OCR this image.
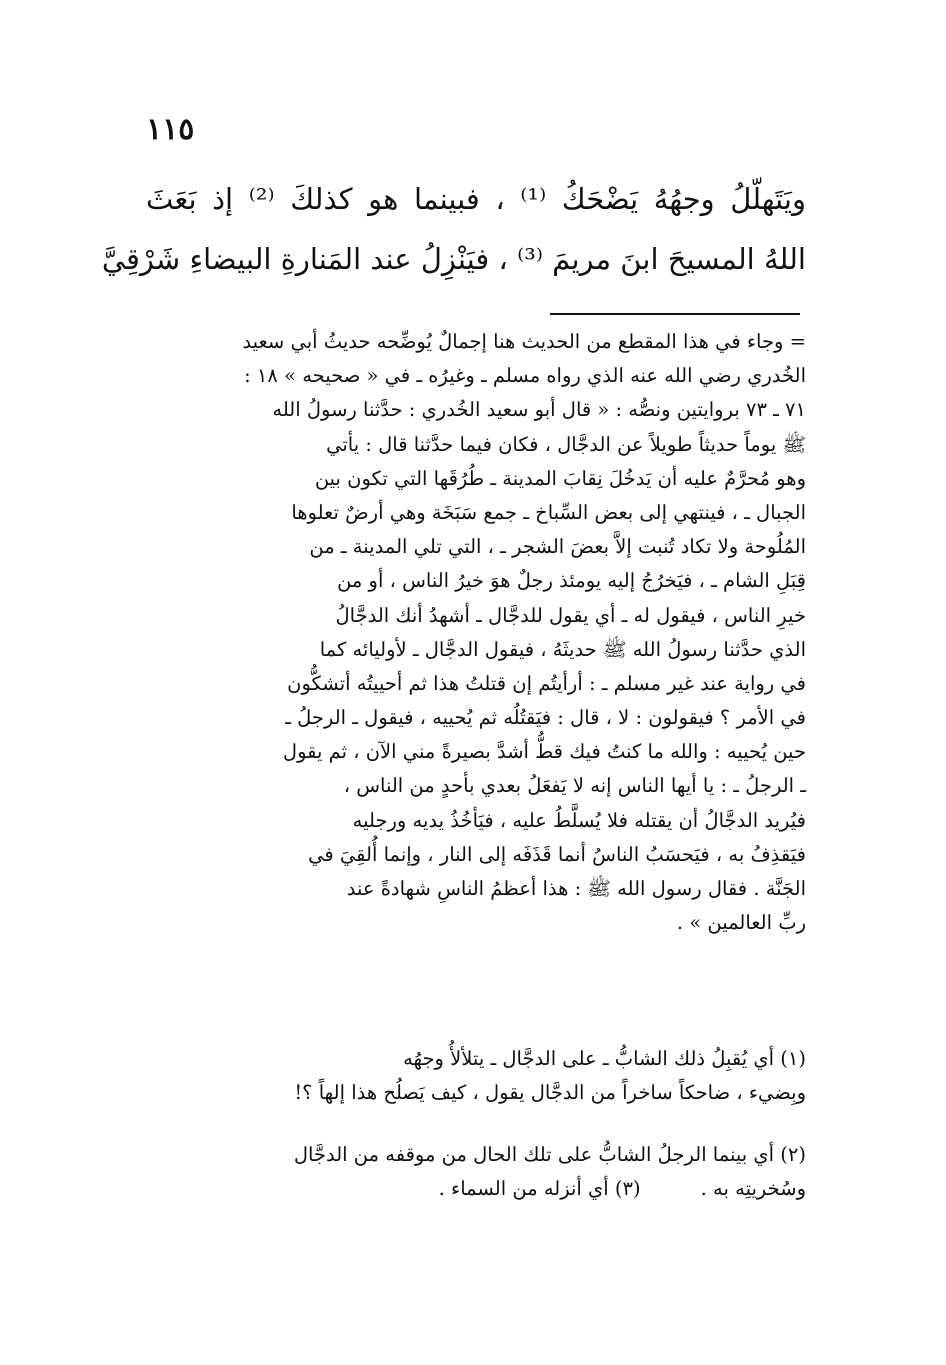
١١٥
ويَتَهلّلُ وجهُهُ يَضْحَكُ ⁽¹⁾ ، فبينما هو كذلكَ ⁽²⁾ إذ بَعَثَ
اللهُ المسيحَ ابنَ مريمَ ⁽³⁾ ، فيَنْزِلُ عند المَنارةِ البيضاءِ شَرْقِيَّ
= وجاء في هذا المقطع من الحديث هنا إجمالٌ يُوضِّحه حديثُ أبي سعيد
الخُدري رضي الله عنه الذي رواه مسلم ـ وغيرُه ـ في « صحيحه » ١٨ :
٧١ ـ ٧٣ بروايتين ونصُّه : « قال أبو سعيد الخُدري : حدَّثنا رسولُ الله
ﷺ يوماً حديثاً طويلاً عن الدجَّال ، فكان فيما حدَّثنا قال : يأتي
وهو مُحرَّمٌ عليه أن يَدخُلَ نِقابَ المدينة ـ طُرُقَها التي تكون بين
الجبال ـ ، فينتهي إلى بعض السِّباخ ـ جمع سَبَخَة وهي أرضٌ تعلوها
المُلُوحة ولا تكاد تُنبت إلاَّ بعضَ الشجر ـ ، التي تلي المدينة ـ من
قِبَلِ الشام ـ ، فيَخرُجُ إليه يومئذ رجلٌ هوَ خيرُ الناس ، أو من
خيرِ الناس ، فيقول له ـ أي يقول للدجَّال ـ أشهدُ أنك الدجَّالُ
الذي حدَّثنا رسولُ الله ﷺ حديثَهُ ، فيقول الدجَّال ـ لأوليائه كما
في رواية عند غير مسلم ـ : أرأيتُم إن قتلتُ هذا ثم أحييتُه أتشكُّون
في الأمر ؟ فيقولون : لا ، قال : فيَقتُلُه ثم يُحييه ، فيقول ـ الرجلُ ـ
حين يُحييه : والله ما كنتُ فيك قطُّ أشدَّ بصيرةً مني الآن ، ثم يقول
ـ الرجلُ ـ : يا أيها الناس إنه لا يَفعَلُ بعدي بأحدٍ من الناس ،
فيُريد الدجَّالُ أن يقتله فلا يُسلَّطُ عليه ، فيَأخُذُ يديه ورجليه
فيَقذِفُ به ، فيَحسَبُ الناسُ أنما قَذَفَه إلى النار ، وإنما أُلقِيَ في
الجَنَّة . فقال رسول الله ﷺ : هذا أعظمُ الناسِ شهادةً عند
ربِّ العالمين » .
(١) أي يُقبِلُ ذلك الشابُّ ـ على الدجَّال ـ يتلألأُ وجهُه
وبِضيء ، ضاحكاً ساخراً من الدجَّال يقول ، كيف يَصلُح هذا إلهاً ؟!
(٢) أي بينما الرجلُ الشابُّ على تلك الحال من موقفه من الدجَّال
وسُخريتِه به .
(٣) أي أنزله من السماء .
